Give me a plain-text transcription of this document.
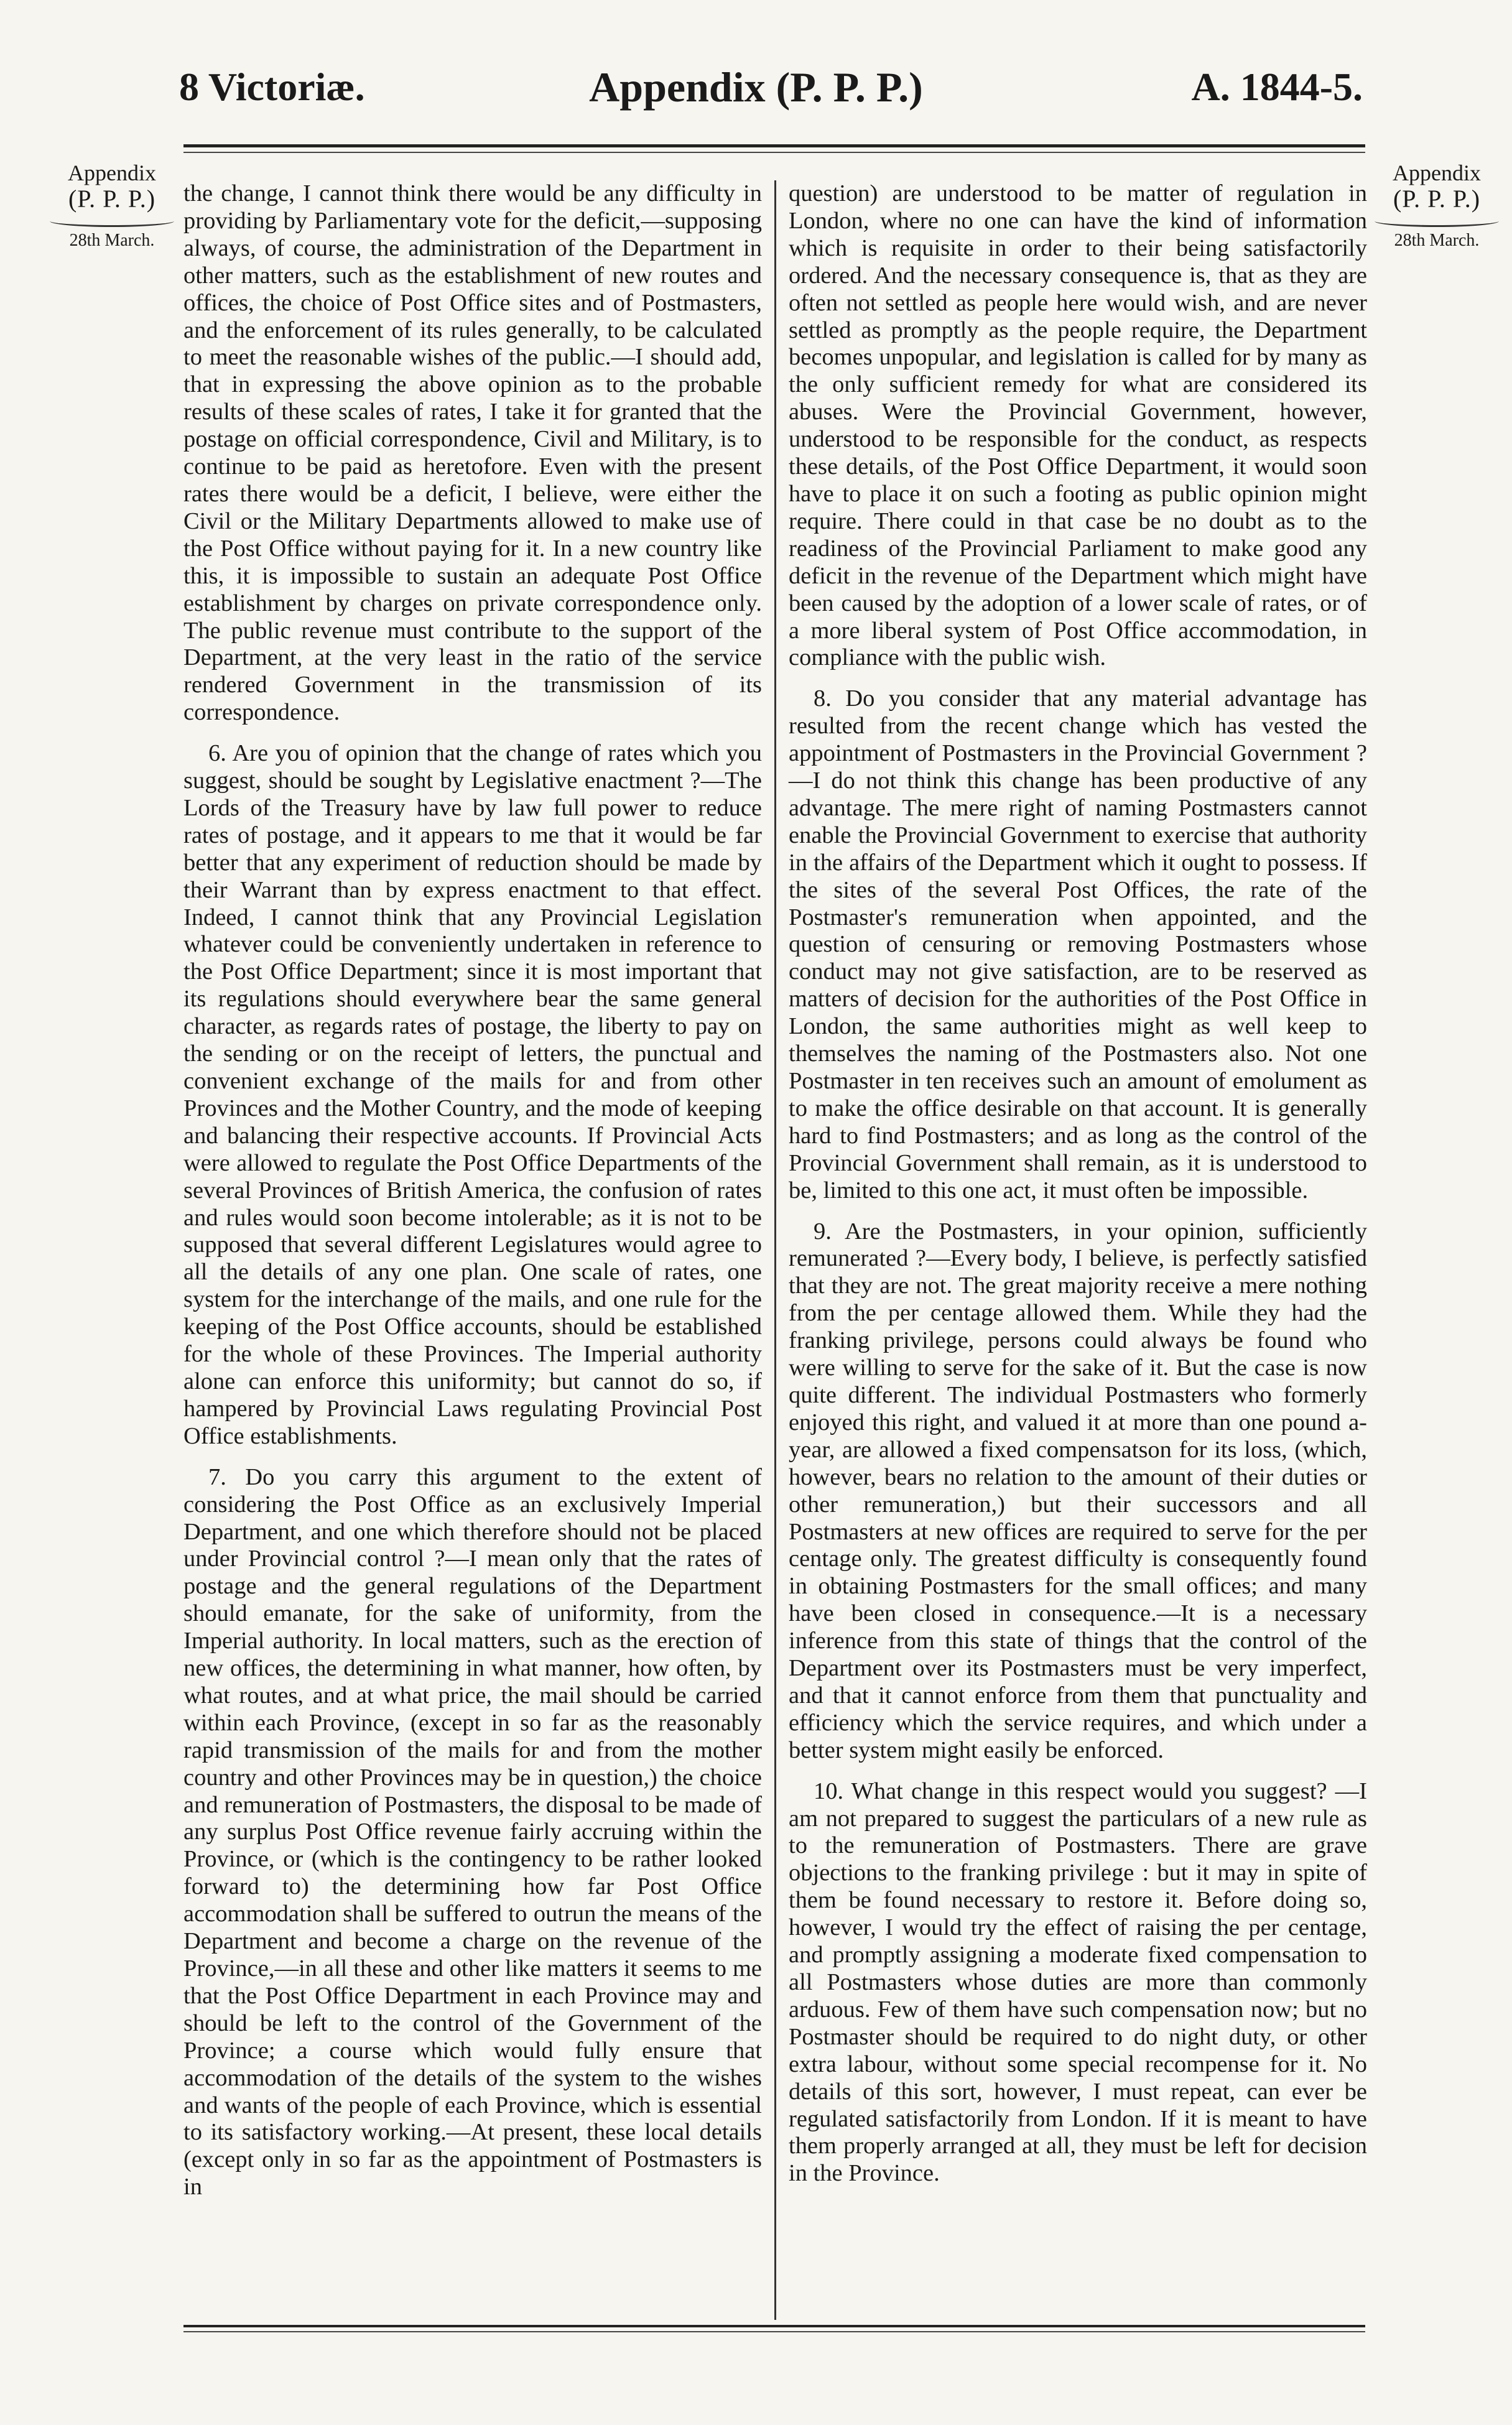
8 Victoriæ.	Appendix (P. P. P.)	A. 1844-5.
Appendix
(P. P. P.)
28th March.
Appendix
(P. P. P.)
28th March.

the change, I cannot think there would be any difficulty in providing by Parliamentary vote for the deficit,—supposing always, of course, the administration of the Department in other matters, such as the establishment of new routes and offices, the choice of Post Office sites and of Postmasters, and the enforcement of its rules generally, to be calculated to meet the reasonable wishes of the public.—I should add, that in expressing the above opinion as to the probable results of these scales of rates, I take it for granted that the postage on official correspondence, Civil and Military, is to continue to be paid as heretofore. Even with the present rates there would be a deficit, I believe, were either the Civil or the Military Departments allowed to make use of the Post Office without paying for it. In a new country like this, it is impossible to sustain an adequate Post Office establishment by charges on private correspondence only. The public revenue must contribute to the support of the Department, at the very least in the ratio of the service rendered Government in the transmission of its correspondence.

6. Are you of opinion that the change of rates which you suggest, should be sought by Legislative enactment ?—The Lords of the Treasury have by law full power to reduce rates of postage, and it appears to me that it would be far better that any experiment of reduction should be made by their Warrant than by express enactment to that effect. Indeed, I cannot think that any Provincial Legislation whatever could be conveniently undertaken in reference to the Post Office Department; since it is most important that its regulations should everywhere bear the same general character, as regards rates of postage, the liberty to pay on the sending or on the receipt of letters, the punctual and convenient exchange of the mails for and from other Provinces and the Mother Country, and the mode of keeping and balancing their respective accounts. If Provincial Acts were allowed to regulate the Post Office Departments of the several Provinces of British America, the confusion of rates and rules would soon become intolerable; as it is not to be supposed that several different Legislatures would agree to all the details of any one plan. One scale of rates, one system for the interchange of the mails, and one rule for the keeping of the Post Office accounts, should be established for the whole of these Provinces. The Imperial authority alone can enforce this uniformity; but cannot do so, if hampered by Provincial Laws regulating Provincial Post Office establishments.

7. Do you carry this argument to the extent of considering the Post Office as an exclusively Imperial Department, and one which therefore should not be placed under Provincial control ?—I mean only that the rates of postage and the general regulations of the Department should emanate, for the sake of uniformity, from the Imperial authority. In local matters, such as the erection of new offices, the determining in what manner, how often, by what routes, and at what price, the mail should be carried within each Province, (except in so far as the reasonably rapid transmission of the mails for and from the mother country and other Provinces may be in question,) the choice and remuneration of Postmasters, the disposal to be made of any surplus Post Office revenue fairly accruing within the Province, or (which is the contingency to be rather looked forward to) the determining how far Post Office accommodation shall be suffered to outrun the means of the Department and become a charge on the revenue of the Province,—in all these and other like matters it seems to me that the Post Office Department in each Province may and should be left to the control of the Government of the Province; a course which would fully ensure that accommodation of the details of the system to the wishes and wants of the people of each Province, which is essential to its satisfactory working.—At present, these local details (except only in so far as the appointment of Postmasters is in

question) are understood to be matter of regulation in London, where no one can have the kind of information which is requisite in order to their being satisfactorily ordered. And the necessary consequence is, that as they are often not settled as people here would wish, and are never settled as promptly as the people require, the Department becomes unpopular, and legislation is called for by many as the only sufficient remedy for what are considered its abuses. Were the Provincial Government, however, understood to be responsible for the conduct, as respects these details, of the Post Office Department, it would soon have to place it on such a footing as public opinion might require. There could in that case be no doubt as to the readiness of the Provincial Parliament to make good any deficit in the revenue of the Department which might have been caused by the adoption of a lower scale of rates, or of a more liberal system of Post Office accommodation, in compliance with the public wish.

8. Do you consider that any material advantage has resulted from the recent change which has vested the appointment of Postmasters in the Provincial Government ?—I do not think this change has been productive of any advantage. The mere right of naming Postmasters cannot enable the Provincial Government to exercise that authority in the affairs of the Department which it ought to possess. If the sites of the several Post Offices, the rate of the Postmaster's remuneration when appointed, and the question of censuring or removing Postmasters whose conduct may not give satisfaction, are to be reserved as matters of decision for the authorities of the Post Office in London, the same authorities might as well keep to themselves the naming of the Postmasters also. Not one Postmaster in ten receives such an amount of emolument as to make the office desirable on that account. It is generally hard to find Postmasters; and as long as the control of the Provincial Government shall remain, as it is understood to be, limited to this one act, it must often be impossible.

9. Are the Postmasters, in your opinion, sufficiently remunerated ?—Every body, I believe, is perfectly satisfied that they are not. The great majority receive a mere nothing from the per centage allowed them. While they had the franking privilege, persons could always be found who were willing to serve for the sake of it. But the case is now quite different. The individual Postmasters who formerly enjoyed this right, and valued it at more than one pound a-year, are allowed a fixed compensatson for its loss, (which, however, bears no relation to the amount of their duties or other remuneration,) but their successors and all Postmasters at new offices are required to serve for the per centage only. The greatest difficulty is consequently found in obtaining Postmasters for the small offices; and many have been closed in consequence.—It is a necessary inference from this state of things that the control of the Department over its Postmasters must be very imperfect, and that it cannot enforce from them that punctuality and efficiency which the service requires, and which under a better system might easily be enforced.

10. What change in this respect would you suggest? —I am not prepared to suggest the particulars of a new rule as to the remuneration of Postmasters. There are grave objections to the franking privilege : but it may in spite of them be found necessary to restore it. Before doing so, however, I would try the effect of raising the per centage, and promptly assigning a moderate fixed compensation to all Postmasters whose duties are more than commonly arduous. Few of them have such compensation now; but no Postmaster should be required to do night duty, or other extra labour, without some special recompense for it. No details of this sort, however, I must repeat, can ever be regulated satisfactorily from London. If it is meant to have them properly arranged at all, they must be left for decision in the Province.
